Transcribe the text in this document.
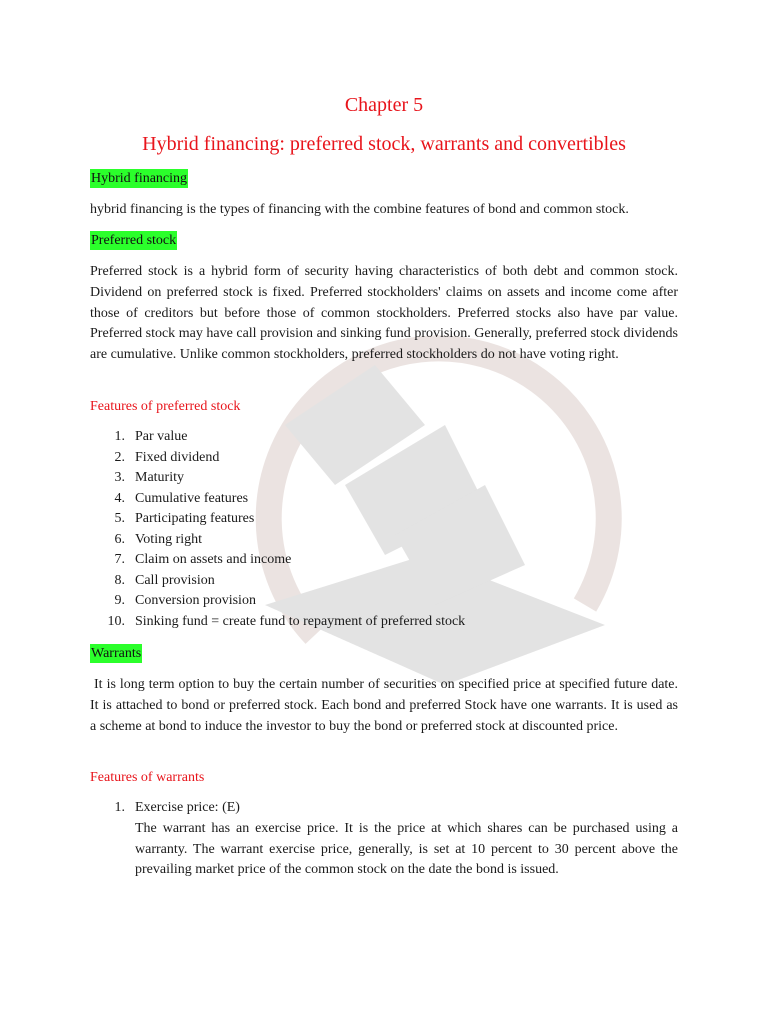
Chapter 5
Hybrid financing: preferred stock, warrants and convertibles
Hybrid financing

hybrid financing is the types of financing with the combine features of bond and common stock.

Preferred stock

Preferred stock is a hybrid form of security having characteristics of both debt and common stock. Dividend on preferred stock is fixed. Preferred stockholders' claims on assets and income come after those of creditors but before those of common stockholders. Preferred stocks also have par value. Preferred stock may have call provision and sinking fund provision. Generally, preferred stock dividends are cumulative. Unlike common stockholders, preferred stockholders do not have voting right.

Features of preferred stock
1. Par value
2. Fixed dividend
3. Maturity
4. Cumulative features
5. Participating features
6. Voting right
7. Claim on assets and income
8. Call provision
9. Conversion provision
10. Sinking fund = create fund to repayment of preferred stock
Warrants

It is long term option to buy the certain number of securities on specified price at specified future date. It is attached to bond or preferred stock. Each bond and preferred Stock have one warrants. It is used as a scheme at bond to induce the investor to buy the bond or preferred stock at discounted price.

Features of warrants
1. Exercise price: (E)
The warrant has an exercise price. It is the price at which shares can be purchased using a warranty. The warrant exercise price, generally, is set at 10 percent to 30 percent above the prevailing market price of the common stock on the date the bond is issued.
